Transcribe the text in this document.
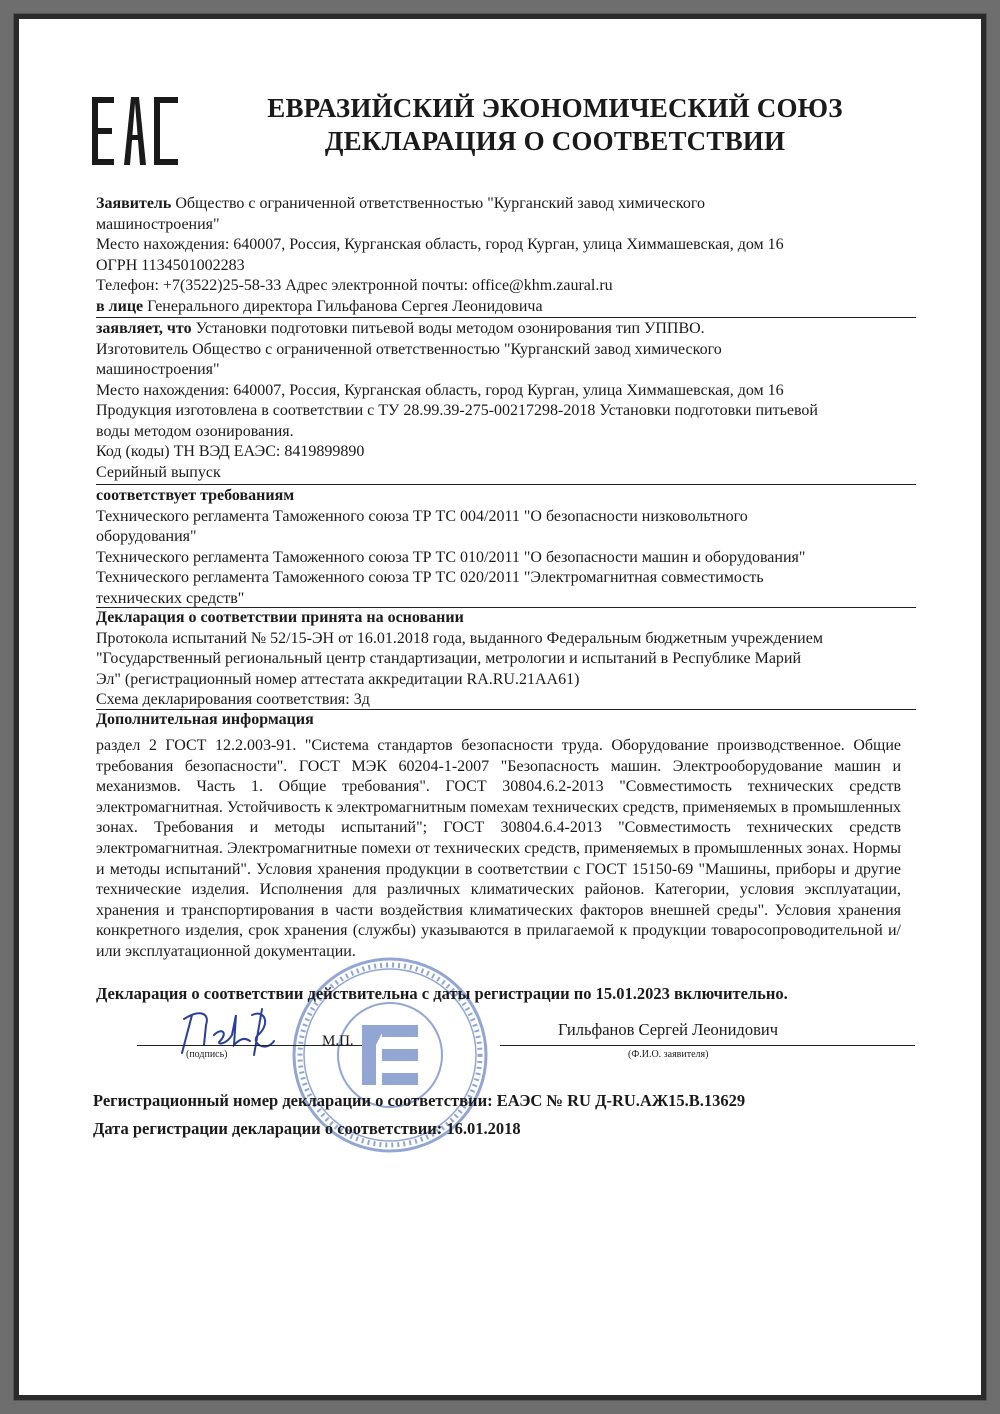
ЕВРАЗИЙСКИЙ ЭКОНОМИЧЕСКИЙ СОЮЗ
ДЕКЛАРАЦИЯ О СООТВЕТСТВИИ
Заявитель Общество с ограниченной ответственностью "Курганский завод химического
машиностроения"
Место нахождения: 640007, Россия, Курганская область, город Курган, улица Химмашевская, дом 16
ОГРН 1134501002283
Телефон: +7(3522)25-58-33 Адрес электронной почты: office@khm.zaural.ru
в лице Генерального директора Гильфанова Сергея Леонидовича
заявляет, что Установки подготовки питьевой воды методом озонирования тип УППВО.
Изготовитель Общество с ограниченной ответственностью "Курганский завод химического
машиностроения"
Место нахождения: 640007, Россия, Курганская область, город Курган, улица Химмашевская, дом 16
Продукция изготовлена в соответствии с ТУ 28.99.39-275-00217298-2018 Установки подготовки питьевой
воды методом озонирования.
Код (коды) ТН ВЭД ЕАЭС: 8419899890
Серийный выпуск
соответствует требованиям
Технического регламента Таможенного союза ТР ТС 004/2011 "О безопасности низковольтного
оборудования"
Технического регламента Таможенного союза ТР ТС 010/2011 "О безопасности машин и оборудования"
Технического регламента Таможенного союза ТР ТС 020/2011 "Электромагнитная совместимость
технических средств"
Декларация о соответствии принята на основании
Протокола испытаний № 52/15-ЭН от 16.01.2018 года, выданного Федеральным бюджетным учреждением
"Государственный региональный центр стандартизации, метрологии и испытаний в Республике Марий
Эл" (регистрационный номер аттестата аккредитации RA.RU.21AA61)
Схема декларирования соответствия: 3д
Дополнительная информация
раздел 2 ГОСТ 12.2.003-91. "Система стандартов безопасности труда. Оборудование производственное. Общие требования безопасности". ГОСТ МЭК 60204-1-2007 "Безопасность машин. Электрооборудование машин и механизмов. Часть 1. Общие требования". ГОСТ 30804.6.2-2013 "Совместимость технических средств электромагнитная. Устойчивость к электромагнитным помехам технических средств, применяемых в промышленных зонах. Требования и методы испытаний"; ГОСТ 30804.6.4-2013 "Совместимость технических средств электромагнитная. Электромагнитные помехи от технических средств, применяемых в промышленных зонах. Нормы и методы испытаний". Условия хранения продукции в соответствии с ГОСТ 15150-69 "Машины, приборы и другие технические изделия. Исполнения для различных климатических районов. Категории, условия эксплуатации, хранения и транспортирования в части воздействия климатических факторов внешней среды". Условия хранения конкретного изделия, срок хранения (службы) указываются в прилагаемой к продукции товаросопроводительной и/или эксплуатационной документации.
Декларация о соответствии действительна с даты регистрации по 15.01.2023 включительно.
(подпись)
М.П.
Гильфанов Сергей Леонидович
(Ф.И.О. заявителя)
Регистрационный номер декларации о соответствии: ЕАЭС № RU Д-RU.АЖ15.В.13629
Дата регистрации декларации о соответствии: 16.01.2018
